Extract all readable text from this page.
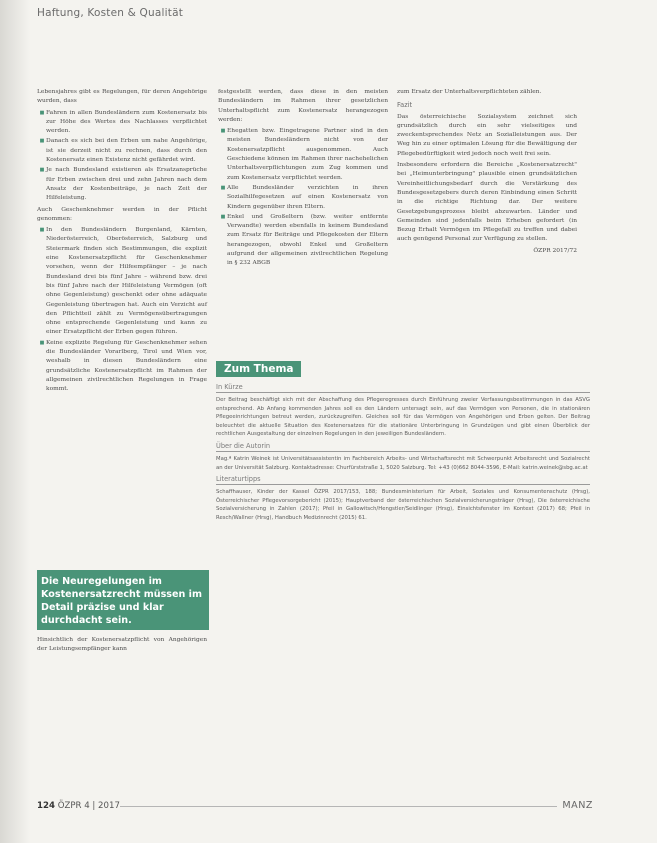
Haftung, Kosten & Qualität

Lebensjahres gibt es Regelungen, für deren Angehörige wurden, dass

• Fahren in allen Bundesländern zum Kostenersatz bis zur Höhe des Wertes des Nachlasses verpflichtet werden.
• Danach es sich bei den Erben um nahe Angehörige, ist sie derzeit nicht zu rechnen, dass durch den Kostenersatz einen Existenz nicht gefährdet wird.
• Je nach Bundesland existieren als Ersatzansprüche für Erben zwischen drei und zehn Jahren nach dem Ansatz der Kostenbeiträge, je nach Zeit der Hilfeleistung.

Auch Geschenknehmer werden in der Pflicht genommen:

• In den Bundesländern Burgenland, Kärnten, Niederösterreich, Oberösterreich, Salzburg und Steiermark finden sich Bestimmungen, die explizit eine Kostenersatzpflicht für Geschenknehmer vorsehen, wenn der Hilfeempfänger – je nach Bundesland drei bis fünf Jahre – während bzw. drei bis fünf Jahre nach der Hilfeleistung Vermögen (oft ohne Gegenleistung) geschenkt oder ohne adäquate Gegenleistung übertragen hat. Auch ein Verzicht auf den Pflichtteil zählt zu Vermögensübertragungen ohne entsprechende Gegenleistung und kann zu einer Ersatzpflicht der Erben gegen führen.
• Keine explizite Regelung für Geschenknehmer sehen die Bundesländer Vorarlberg, Tirol und Wien vor, weshalb in diesen Bundesländern eine grundsätzliche Kostenersatzpflicht im Rahmen der allgemeinen zivilrechtlichen Regelungen in Frage kommt.
Die Neuregelungen im Kostenersatzrecht müssen im Detail präzise und klar durchdacht sein.
Hinsichtlich der Kostenersatzpflicht von Angehörigen der Leistungsempfänger kann

festgestellt werden, dass diese in den meisten Bundesländern im Rahmen ihrer gesetzlichen Unterhaltspflicht zum Kostenersatz herangezogen werden:

• Ehegatten bzw. Eingetragene Partner sind in den meisten Bundesländern nicht von der Kostenersatzpflicht ausgenommen. Auch Geschiedene können im Rahmen ihrer nachehelichen Unterhaltsverpflichtungen zum Zug kommen und zum Kostenersatz verpflichtet werden.
• Alle Bundesländer verzichten in ihren Sozialhilfegesetzen auf einen Kostenersatz von Kindern gegenüber ihren Eltern.
• Enkel und Großeltern (bzw. weiter entfernte Verwandte) werden ebenfalls in keinem Bundesland zum Ersatz für Beiträge und Pflegekosten der Eltern herangezogen, obwohl Enkel und Großeltern aufgrund der allgemeinen zivilrechtlichen Regelung in § 232 ABGB

zum Ersatz der Unterhaltsverpflichteten zählen.

Fazit

Das österreichische Sozialsystem zeichnet sich grundsätzlich durch ein sehr vielseitiges und zweckentsprechendes Netz an Sozialleistungen aus. Der Weg hin zu einer optimalen Lösung für die Bewältigung der Pflegebedürftigkeit wird jedoch noch weit frei sein.

Insbesondere erfordern die Bereiche „Kostenersatzrecht" bei „Heimunterbringung" plausible einen grundsätzlichen Vereinheitlichungsbedarf durch die Verstärkung des Bundesgesetzgebers durch deren Einbindung einen Schritt in die richtige Richtung dar. Der weitere Gesetzgebungsprozess bleibt abzuwarten. Länder und Gemeinden sind jedenfalls beim Erheben gefordert (in Bezug Erhalt Vermögen im Pflegefall zu treffen und dabei auch genügend Personal zur Verfügung zu stellen.

ÖZPR 2017/72

Zum Thema
In Kürze

Der Beitrag beschäftigt sich mit der Abschaffung des Pflegeregresses durch Einführung zweier Verfassungsbestimmungen in das ASVG entsprechend. Ab Anfang kommenden Jahres soll es den Ländern untersagt sein, auf das Vermögen von Personen, die in stationären Pflegeeinrichtungen betreut werden, zurückzugreifen. Gleiches soll für das Vermögen von Angehörigen und Erben gelten. Der Beitrag beleuchtet die aktuelle Situation des Kostenersatzes für die stationäre Unterbringung in Grundzügen und gibt einen Überblick der rechtlichen Ausgestaltung der einzelnen Regelungen in den jeweiligen Bundesländern.

Über die Autorin

Mag.ª Katrin Weinek ist Universitätsassistentin im Fachbereich Arbeits- und Wirtschaftsrecht mit Schwerpunkt Arbeitsrecht und Sozialrecht an der Universität Salzburg. Kontaktadresse: Churfürststraße 1, 5020 Salzburg. Tel: +43 (0)662 8044-3596, E-Mail: katrin.weinek@sbg.ac.at

Literaturtipps

Schaffhauser, Kinder der Kassel ÖZPR 2017/153, 188; Bundesministerium für Arbeit, Soziales und Konsumentenschutz (Hrsg), Österreichischer Pflegevorsorgebericht (2015); Hauptverband der österreichischen Sozialversicherungsträger (Hrsg), Die österreichische Sozialversicherung in Zahlen (2017); Pfeil in Gallowitsch/Hengstler/Seidlinger (Hrsg), Einsichtsfenster im Kontext (2017) 68; Pfeil in Resch/Wallner (Hrsg), Handbuch Medizinrecht (2015) 61.

124 ÖZPR 4 | 2017	MANZ
